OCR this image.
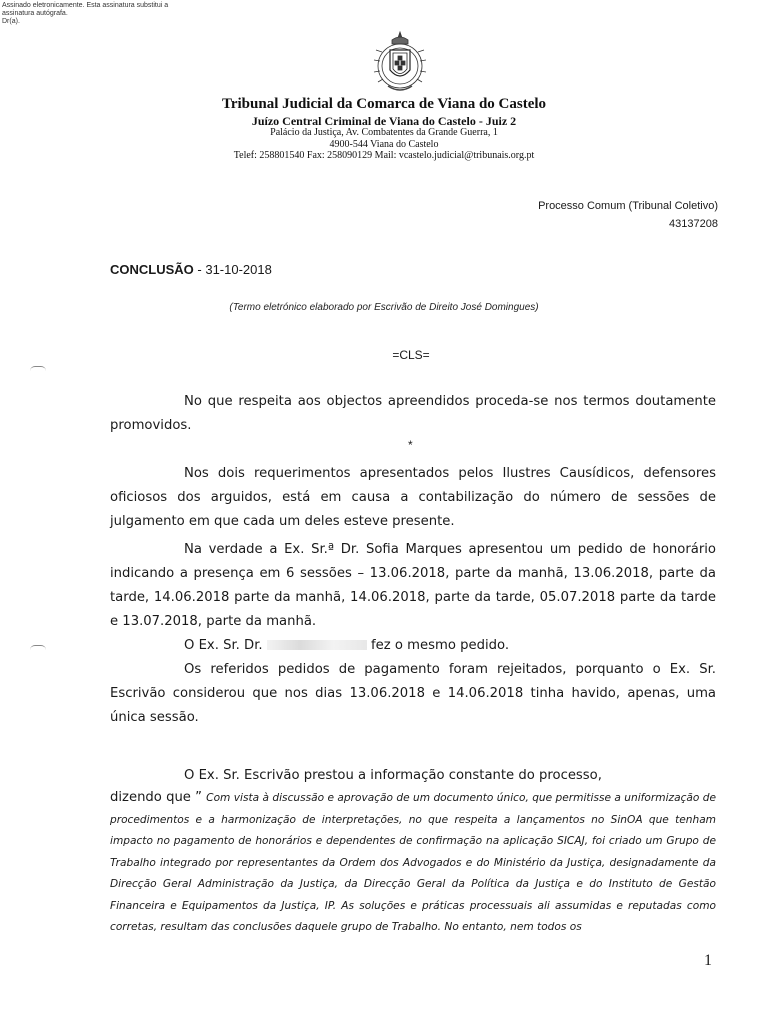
Assinado eletronicamente. Esta assinatura substitui a
assinatura autógrafa.
Dr(a).
Tribunal Judicial da Comarca de Viana do Castelo
Juízo Central Criminal de Viana do Castelo - Juiz 2
Palácio da Justiça, Av. Combatentes da Grande Guerra, 1
4900-544 Viana do Castelo
Telef: 258801540 Fax: 258090129 Mail: vcastelo.judicial@tribunais.org.pt
Processo Comum (Tribunal Coletivo)
43137208
CONCLUSÃO - 31-10-2018
(Termo eletrónico elaborado por Escrivão de Direito José Domingues)
=CLS=
No que respeita aos objectos apreendidos proceda-se nos termos doutamente promovidos.
*
Nos dois requerimentos apresentados pelos Ilustres Causídicos, defensores oficiosos dos arguidos, está em causa a contabilização do número de sessões de julgamento em que cada um deles esteve presente.
Na verdade a Ex. Sr.ª Dr. Sofia Marques apresentou um pedido de honorário indicando a presença em 6 sessões – 13.06.2018, parte da manhã, 13.06.2018, parte da tarde, 14.06.2018 parte da manhã, 14.06.2018, parte da tarde, 05.07.2018 parte da tarde e 13.07.2018, parte da manhã.
O Ex. Sr. Dr.	fez o mesmo pedido.
Os referidos pedidos de pagamento foram rejeitados, porquanto o Ex. Sr. Escrivão considerou que nos dias 13.06.2018 e 14.06.2018 tinha havido, apenas, uma única sessão.
O Ex. Sr. Escrivão prestou a informação constante do processo,
dizendo que ” Com vista à discussão e aprovação de um documento único, que permitisse a uniformização de procedimentos e a harmonização de interpretações, no que respeita a lançamentos no SinOA que tenham impacto no pagamento de honorários e dependentes de confirmação na aplicação SICAJ, foi criado um Grupo de Trabalho integrado por representantes da Ordem dos Advogados e do Ministério da Justiça, designadamente da Direcção Geral Administração da Justiça, da Direcção Geral da Política da Justiça e do Instituto de Gestão Financeira e Equipamentos da Justiça, IP. As soluções e práticas processuais ali assumidas e reputadas como corretas, resultam das conclusões daquele grupo de Trabalho. No entanto, nem todos os
1
